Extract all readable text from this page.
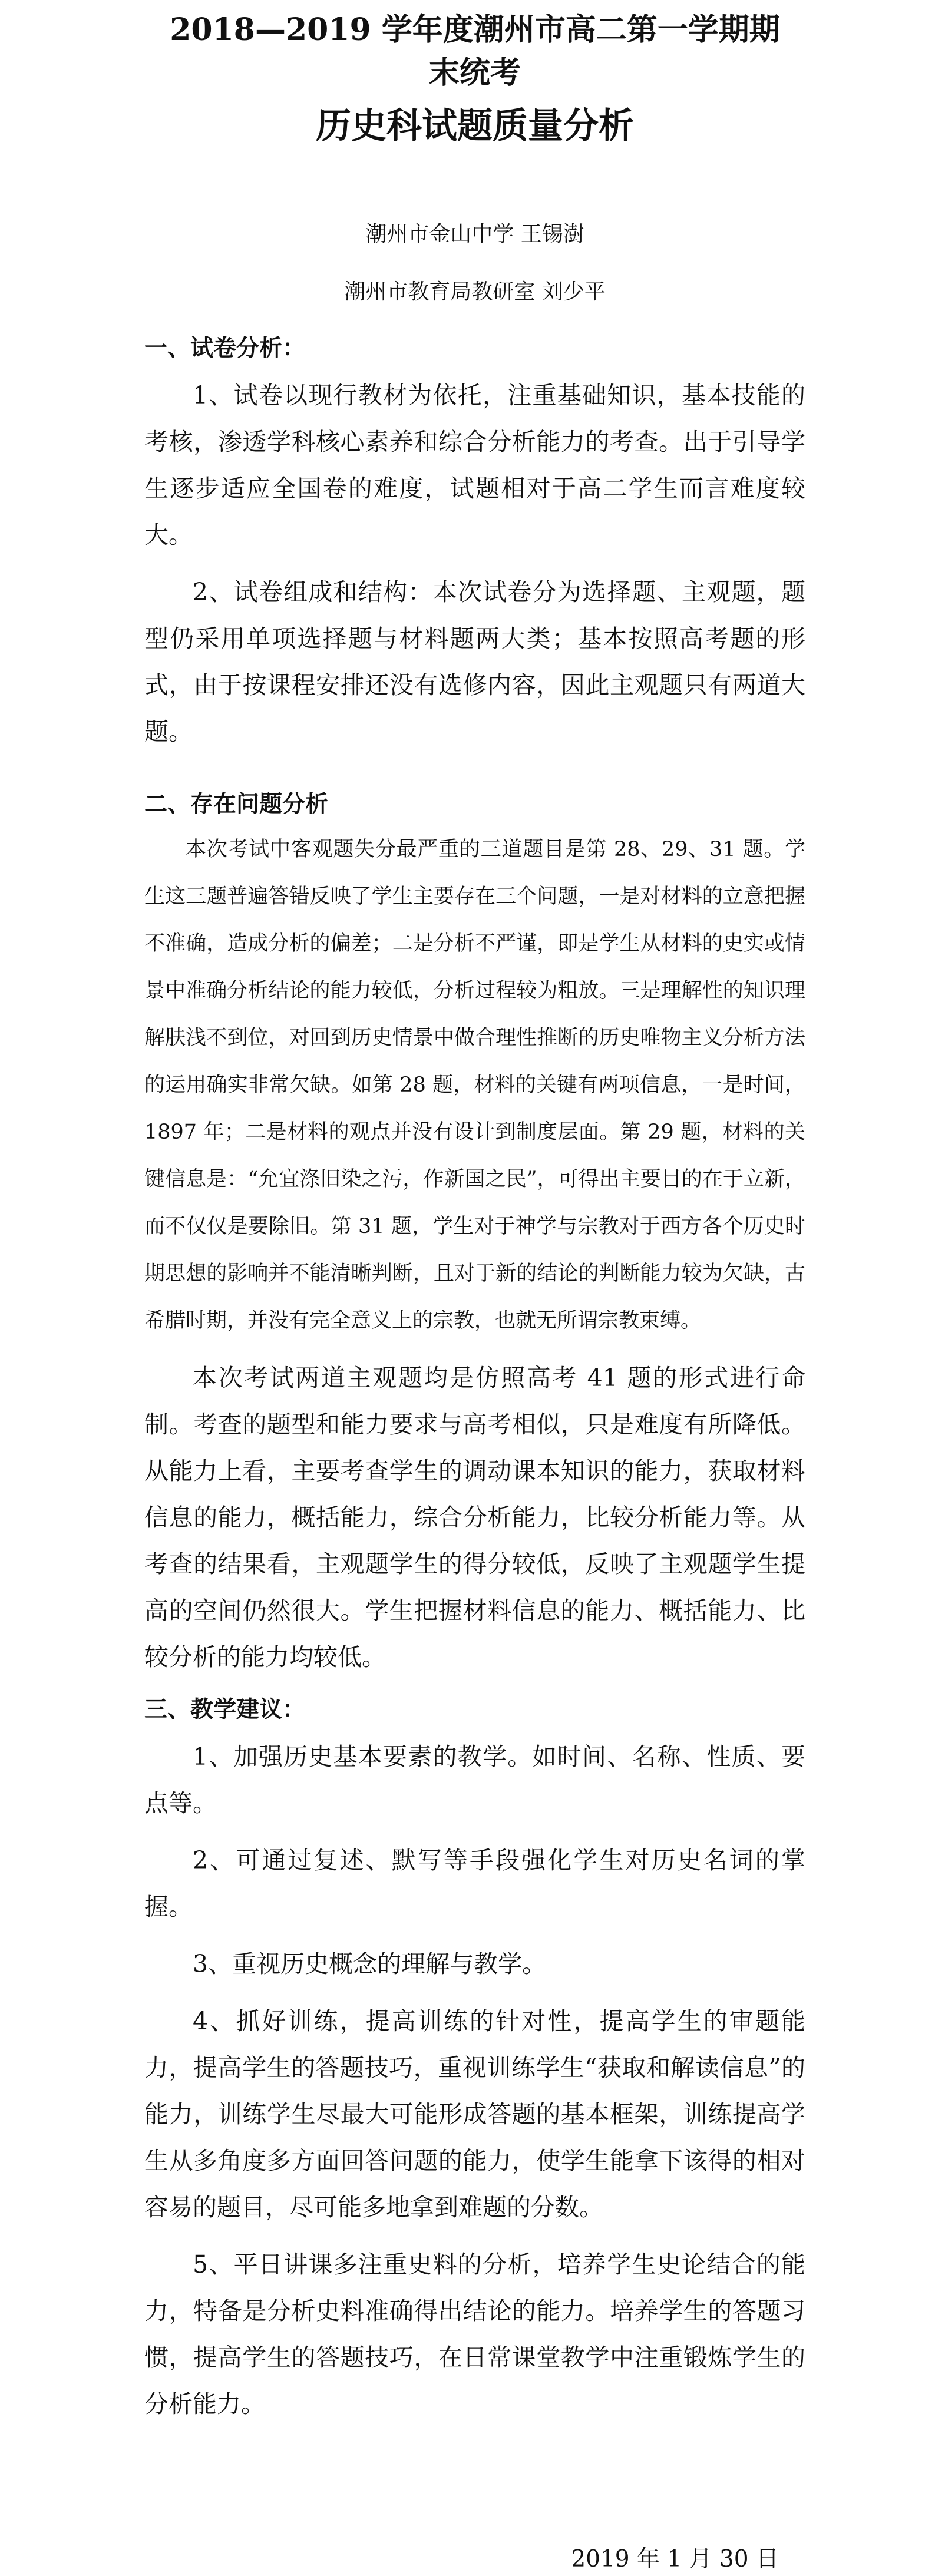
2018—2019 学年度潮州市高二第一学期期
末统考
历史科试题质量分析

潮州市金山中学 王锡澍

潮州市教育局教研室 刘少平

一、试卷分析：

1、试卷以现行教材为依托，注重基础知识，基本技能的考核，渗透学科核心素养和综合分析能力的考查。出于引导学生逐步适应全国卷的难度，试题相对于高二学生而言难度较大。

2、试卷组成和结构：本次试卷分为选择题、主观题，题型仍采用单项选择题与材料题两大类；基本按照高考题的形式，由于按课程安排还没有选修内容，因此主观题只有两道大题。

二、存在问题分析

本次考试中客观题失分最严重的三道题目是第 28、29、31 题。学生这三题普遍答错反映了学生主要存在三个问题，一是对材料的立意把握不准确，造成分析的偏差；二是分析不严谨，即是学生从材料的史实或情景中准确分析结论的能力较低，分析过程较为粗放。三是理解性的知识理解肤浅不到位，对回到历史情景中做合理性推断的历史唯物主义分析方法的运用确实非常欠缺。如第 28 题，材料的关键有两项信息，一是时间，1897 年；二是材料的观点并没有设计到制度层面。第 29 题，材料的关键信息是：“允宜涤旧染之污，作新国之民”，可得出主要目的在于立新，而不仅仅是要除旧。第 31 题，学生对于神学与宗教对于西方各个历史时期思想的影响并不能清晰判断，且对于新的结论的判断能力较为欠缺，古希腊时期，并没有完全意义上的宗教，也就无所谓宗教束缚。

本次考试两道主观题均是仿照高考 41 题的形式进行命制。考查的题型和能力要求与高考相似，只是难度有所降低。从能力上看，主要考查学生的调动课本知识的能力，获取材料信息的能力，概括能力，综合分析能力，比较分析能力等。从考查的结果看，主观题学生的得分较低，反映了主观题学生提高的空间仍然很大。学生把握材料信息的能力、概括能力、比较分析的能力均较低。

三、教学建议：

1、加强历史基本要素的教学。如时间、名称、性质、要点等。

2、可通过复述、默写等手段强化学生对历史名词的掌握。

3、重视历史概念的理解与教学。

4、抓好训练，提高训练的针对性，提高学生的审题能力，提高学生的答题技巧，重视训练学生“获取和解读信息”的能力，训练学生尽最大可能形成答题的基本框架，训练提高学生从多角度多方面回答问题的能力，使学生能拿下该得的相对容易的题目，尽可能多地拿到难题的分数。

5、平日讲课多注重史料的分析，培养学生史论结合的能力，特备是分析史料准确得出结论的能力。培养学生的答题习惯，提高学生的答题技巧，在日常课堂教学中注重锻炼学生的分析能力。

2019 年 1 月 30 日
